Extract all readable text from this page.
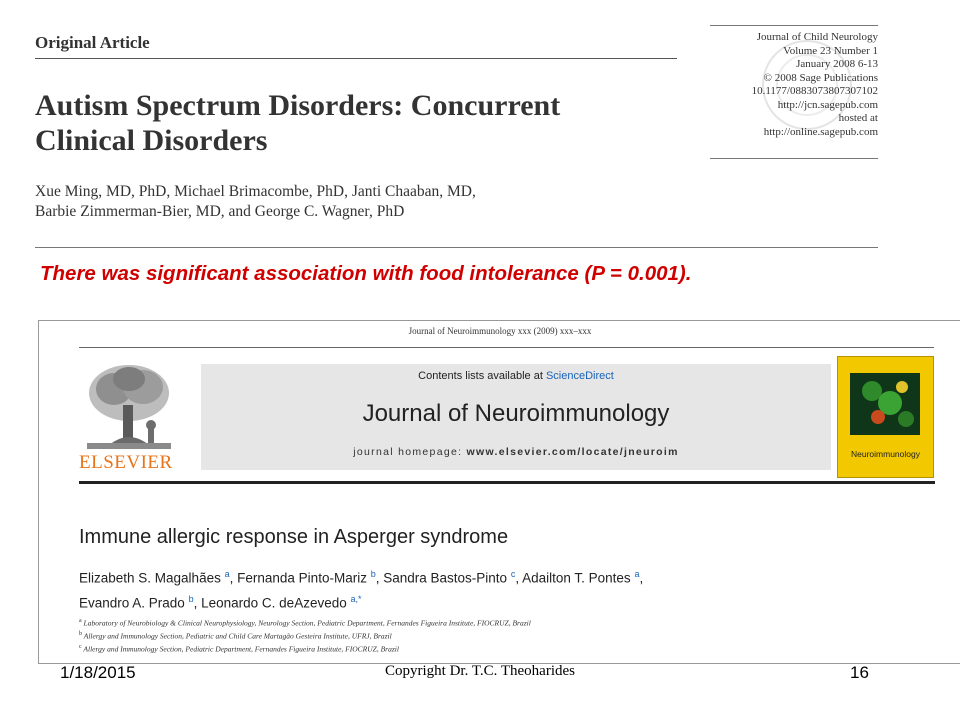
Original Article
Autism Spectrum Disorders: Concurrent
Clinical Disorders
Xue Ming, MD, PhD, Michael Brimacombe, PhD, Janti Chaaban, MD,
Barbie Zimmerman-Bier, MD, and George C. Wagner, PhD
Journal of Child Neurology
Volume 23 Number 1
January 2008 6-13
© 2008 Sage Publications
10.1177/0883073807307102
http://jcn.sagepub.com
hosted at
http://online.sagepub.com
There was significant association with food intolerance (P = 0.001).
Journal of Neuroimmunology xxx (2009) xxx–xxx
ELSEVIER
Contents lists available at ScienceDirect
Journal of Neuroimmunology
journal homepage: www.elsevier.com/locate/jneuroim	Neuroimmunology
Immune allergic response in Asperger syndrome
Elizabeth S. Magalhães $^a$, Fernanda Pinto-Mariz $^b$, Sandra Bastos-Pinto $^c$, Adailton T. Pontes $^a$,
Evandro A. Prado $^b$, Leonardo C. deAzevedo $^{a,*}$
$^a$ Laboratory of Neurobiology & Clinical Neurophysiology, Neurology Section, Pediatric Department, Fernandes Figueira Institute, FIOCRUZ, Brazil
$^b$ Allergy and Immunology Section, Pediatric and Child Care Martagão Gesteira Institute, UFRJ, Brazil
$^c$ Allergy and Immunology Section, Pediatric Department, Fernandes Figueira Institute, FIOCRUZ, Brazil
1/18/2015	Copyright Dr. T.C. Theoharides	16
